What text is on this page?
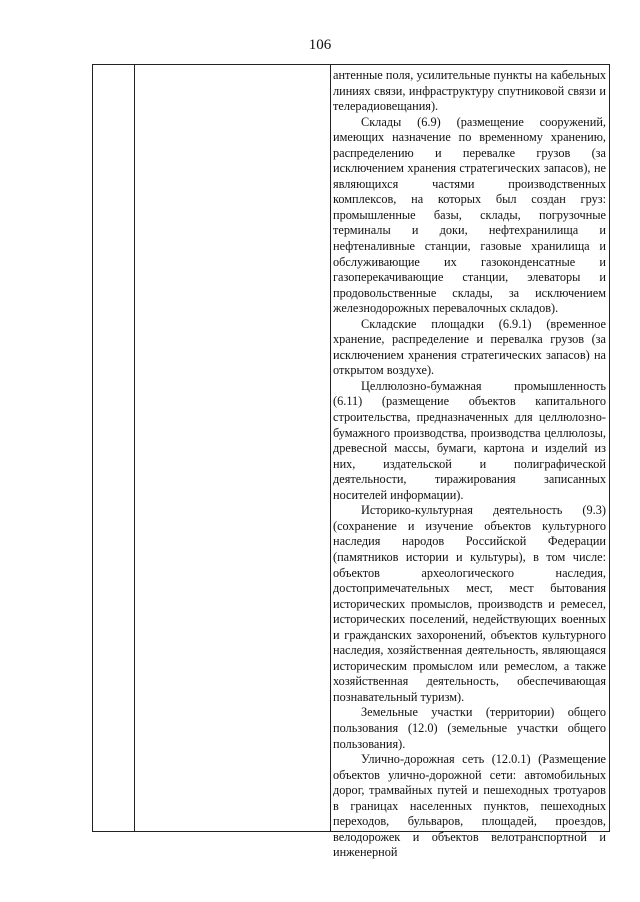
106

антенные поля, усилительные пункты на кабельных линиях связи, инфраструктуру спутниковой связи и телерадиовещания).

Склады (6.9) (размещение сооружений, имеющих назначение по временному хранению, распределению и перевалке грузов (за исключением хранения стратегических запасов), не являющихся частями производственных комплексов, на которых был создан груз: промышленные базы, склады, погрузочные терминалы и доки, нефтехранилища и нефтеналивные станции, газовые хранилища и обслуживающие их газоконденсатные и газоперекачивающие станции, элеваторы и продовольственные склады, за исключением железнодорожных перевалочных складов).

Складские площадки (6.9.1) (временное хранение, распределение и перевалка грузов (за исключением хранения стратегических запасов) на открытом воздухе).

Целлюлозно-бумажная промышленность (6.11) (размещение объектов капитального строительства, предназначенных для целлюлозно-бумажного производства, производства целлюлозы, древесной массы, бумаги, картона и изделий из них, издательской и полиграфической деятельности, тиражирования записанных носителей информации).

Историко-культурная деятельность (9.3) (сохранение и изучение объектов культурного наследия народов Российской Федерации (памятников истории и культуры), в том числе: объектов археологического наследия, достопримечательных мест, мест бытования исторических промыслов, производств и ремесел, исторических поселений, недействующих военных и гражданских захоронений, объектов культурного наследия, хозяйственная деятельность, являющаяся историческим промыслом или ремеслом, а также хозяйственная деятельность, обеспечивающая познавательный туризм).

Земельные участки (территории) общего пользования (12.0) (земельные участки общего пользования).

Улично-дорожная сеть (12.0.1) (Размещение объектов улично-дорожной сети: автомобильных дорог, трамвайных путей и пешеходных тротуаров в границах населенных пунктов, пешеходных переходов, бульваров, площадей, проездов, велодорожек и объектов велотранспортной и инженерной
